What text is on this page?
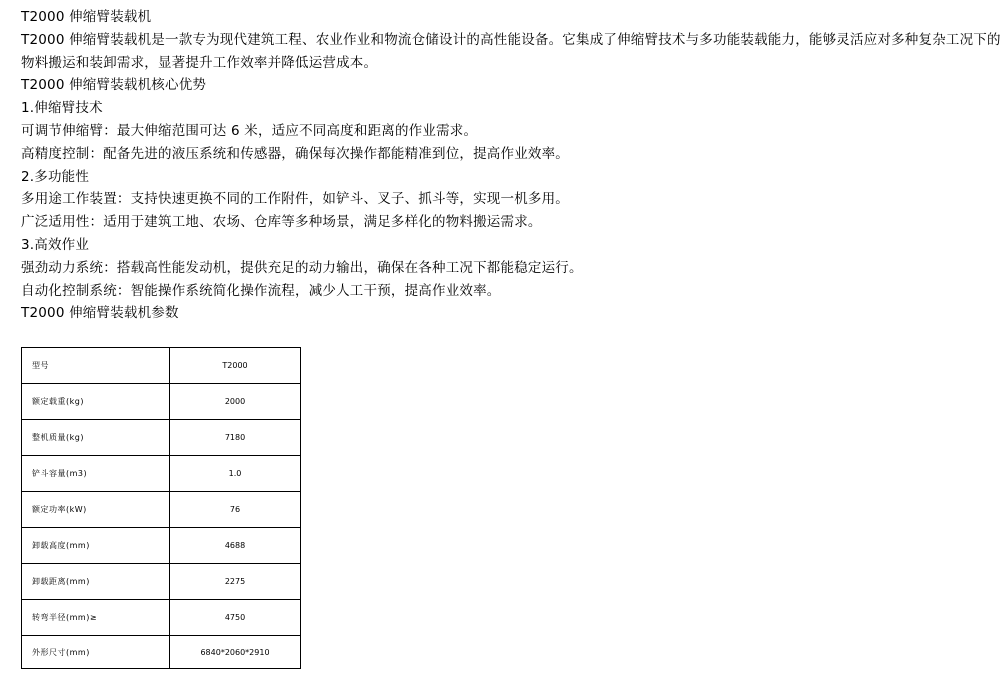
T2000 伸缩臂装载机

T2000 伸缩臂装载机是一款专为现代建筑工程、农业作业和物流仓储设计的高性能设备。它集成了伸缩臂技术与多功能装载能力，能够灵活应对多种复杂工况下的物料搬运和装卸需求，显著提升工作效率并降低运营成本。

T2000 伸缩臂装载机核心优势

1.伸缩臂技术

可调节伸缩臂：最大伸缩范围可达 6 米，适应不同高度和距离的作业需求。

高精度控制：配备先进的液压系统和传感器，确保每次操作都能精准到位，提高作业效率。

2.多功能性

多用途工作装置：支持快速更换不同的工作附件，如铲斗、叉子、抓斗等，实现一机多用。

广泛适用性：适用于建筑工地、农场、仓库等多种场景，满足多样化的物料搬运需求。

3.高效作业

强劲动力系统：搭载高性能发动机，提供充足的动力输出，确保在各种工况下都能稳定运行。

自动化控制系统：智能操作系统简化操作流程，减少人工干预，提高作业效率。

T2000 伸缩臂装载机参数

型号	T2000
额定载重(kg)	2000
整机质量(kg)	7180
铲斗容量(m3)	1.0
额定功率(kW)	76
卸载高度(mm)	4688
卸载距离(mm)	2275
转弯半径(mm)≥	4750
外形尺寸(mm)	6840*2060*2910
